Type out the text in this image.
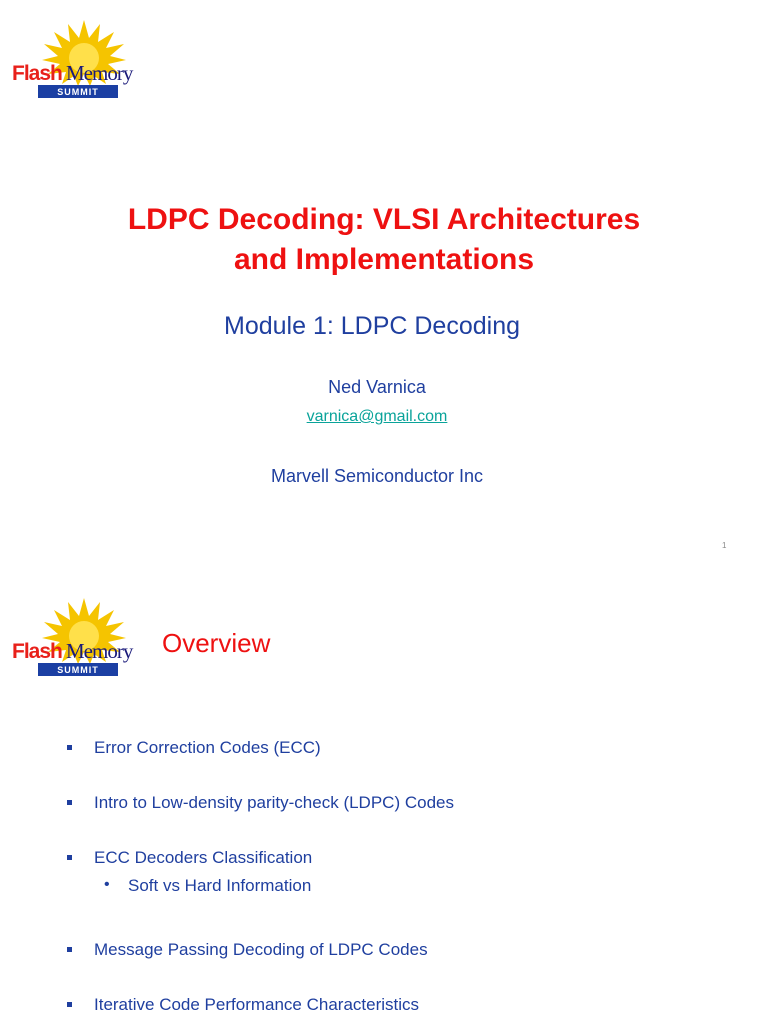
Flash Memory
SUMMIT
LDPC Decoding: VLSI Architectures
and Implementations
Module 1: LDPC Decoding
Ned Varnica
varnica@gmail.com
Marvell Semiconductor Inc
1
Flash Memory
SUMMIT
Overview
Error Correction Codes (ECC)
Intro to Low-density parity-check (LDPC) Codes
ECC Decoders Classification
• Soft vs Hard Information
Message Passing Decoding of LDPC Codes
Iterative Code Performance Characteristics
